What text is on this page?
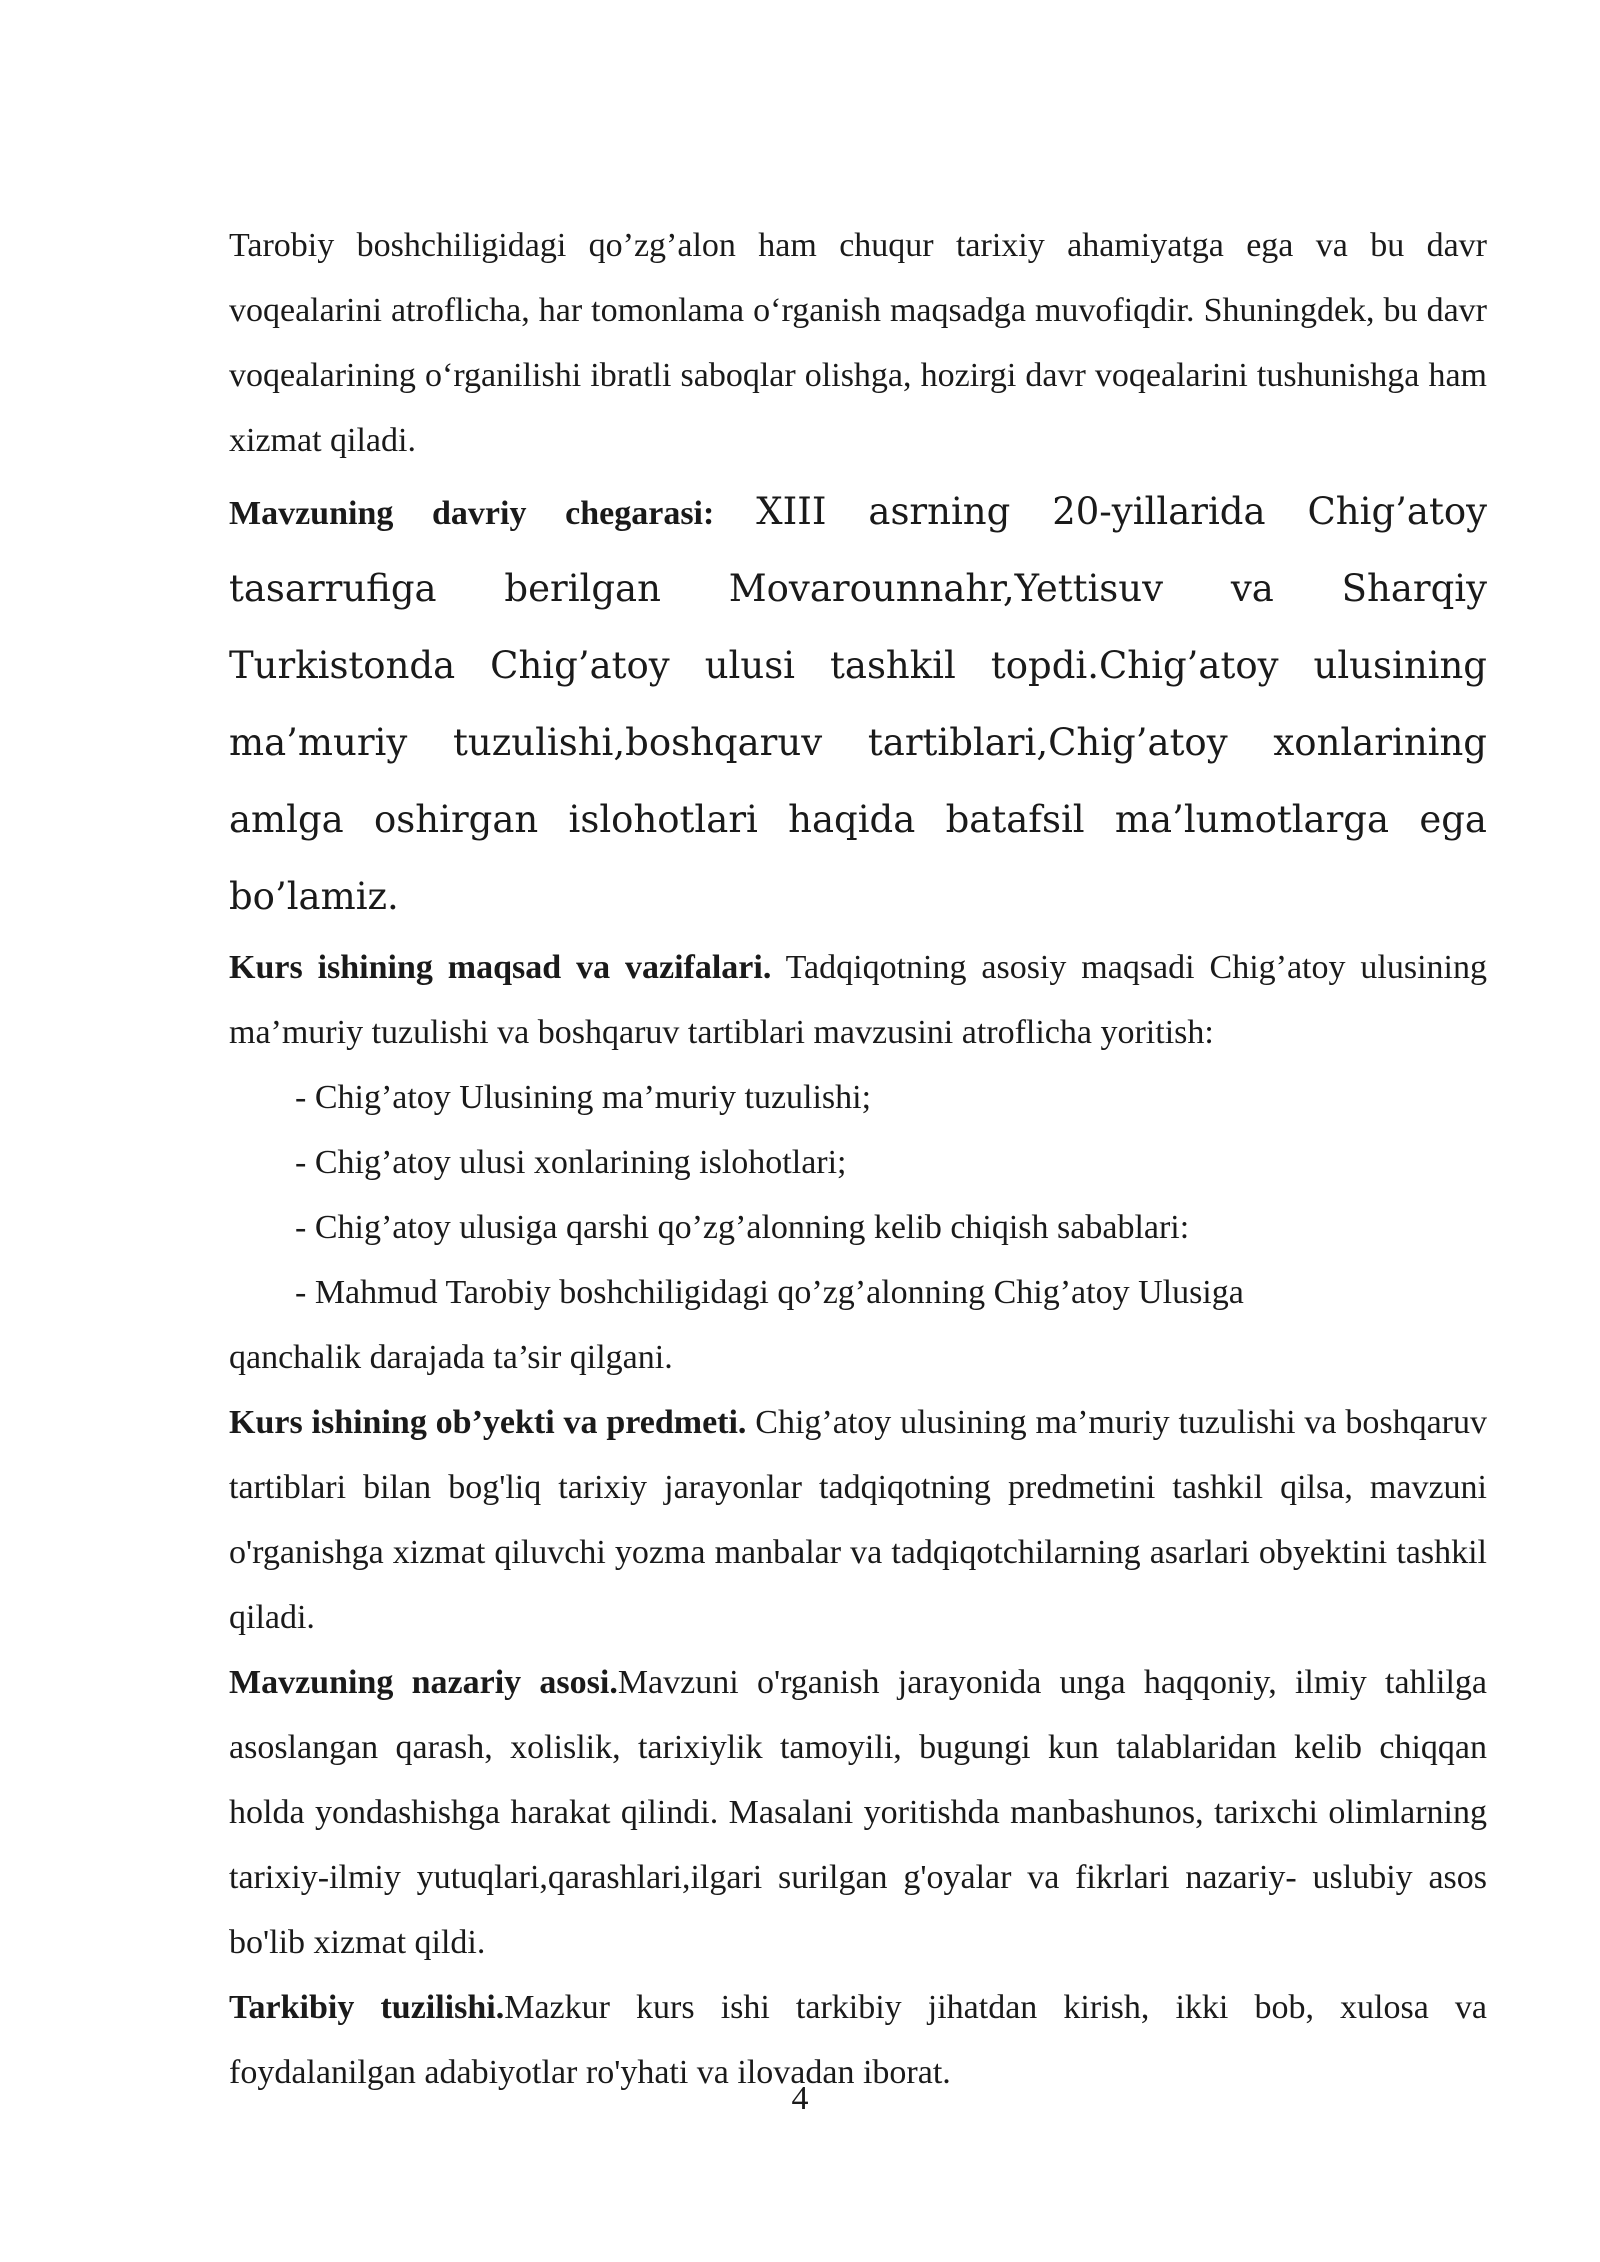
Tarobiy boshchiligidagi qo’zg’alon ham chuqur tarixiy ahamiyatga ega va bu davr voqealarini atroflicha, har tomonlama o‘rganish maqsadga muvofiqdir. Shuningdek, bu davr voqealarining o‘rganilishi ibratli saboqlar olishga, hozirgi davr voqealarini tushunishga ham xizmat qiladi.

Mavzuning davriy chegarasi: XIII asrning 20-yillarida Chig’atoy tasarrufiga berilgan Movarounnahr,Yettisuv va Sharqiy Turkistonda Chig’atoy ulusi tashkil topdi.Chig’atoy ulusining ma’muriy tuzulishi,boshqaruv tartiblari,Chig’atoy xonlarining amlga oshirgan islohotlari haqida batafsil ma’lumotlarga ega bo’lamiz.

Kurs ishining maqsad va vazifalari. Tadqiqotning asosiy maqsadi Chig’atoy ulusining ma’muriy tuzulishi va boshqaruv tartiblari mavzusini atroflicha yoritish:

- Chig’atoy Ulusining ma’muriy tuzulishi;

- Chig’atoy ulusi xonlarining islohotlari;

- Chig’atoy ulusiga qarshi qo’zg’alonning kelib chiqish sabablari:

- Mahmud Tarobiy boshchiligidagi qo’zg’alonning Chig’atoy Ulusiga

qanchalik darajada ta’sir qilgani.

Kurs ishining ob’yekti va predmeti. Chig’atoy ulusining ma’muriy tuzulishi va boshqaruv tartiblari bilan bog'liq tarixiy jarayonlar tadqiqotning predmetini tashkil qilsa, mavzuni o'rganishga xizmat qiluvchi yozma manbalar va tadqiqotchilarning asarlari obyektini tashkil qiladi.

Mavzuning nazariy asosi.Mavzuni o'rganish jarayonida unga haqqoniy, ilmiy tahlilga asoslangan qarash, xolislik, tarixiylik tamoyili, bugungi kun talablaridan kelib chiqqan holda yondashishga harakat qilindi. Masalani yoritishda manbashunos, tarixchi olimlarning tarixiy-ilmiy yutuqlari,qarashlari,ilgari surilgan g'oyalar va fikrlari nazariy- uslubiy asos bo'lib xizmat qildi.

Tarkibiy tuzilishi.Mazkur kurs ishi tarkibiy jihatdan kirish, ikki bob, xulosa va foydalanilgan adabiyotlar ro'yhati va ilovadan iborat.

4
